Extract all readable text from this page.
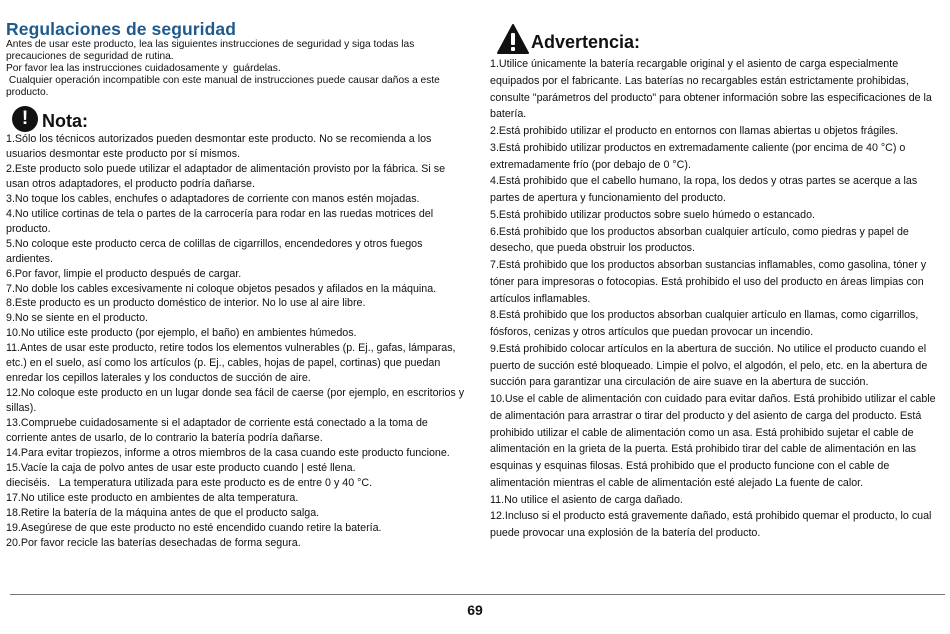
Regulaciones de seguridad
Antes de usar este producto, lea las siguientes instrucciones de seguridad y siga todas las
precauciones de seguridad de rutina.
Por favor lea las instrucciones cuidadosamente y  guárdelas.
Cualquier operación incompatible con este manual de instrucciones puede causar daños a este
producto.
! Nota:
1.Sólo los técnicos autorizados pueden desmontar este producto. No se recomienda a los usuarios desmontar este producto por sí mismos.
2.Este producto solo puede utilizar el adaptador de alimentación provisto por la fábrica. Si se usan otros adaptadores, el producto podría dañarse.
3.No toque los cables, enchufes o adaptadores de corriente con manos estén mojadas.
4.No utilice cortinas de tela o partes de la carrocería para rodar en las ruedas motrices del producto.
5.No coloque este producto cerca de colillas de cigarrillos, encendedores y otros fuegos ardientes.
6.Por favor, limpie el producto después de cargar.
7.No doble los cables excesivamente ni coloque objetos pesados y afilados en la máquina.
8.Este producto es un producto doméstico de interior. No lo use al aire libre.
9.No se siente en el producto.
10.No utilice este producto (por ejemplo, el baño) en ambientes húmedos.
11.Antes de usar este producto, retire todos los elementos vulnerables (p. Ej., gafas, lámparas, etc.) en el suelo, así como los artículos (p. Ej., cables, hojas de papel, cortinas) que puedan enredar los cepillos laterales y los conductos de succión de aire.
12.No coloque este producto en un lugar donde sea fácil de caerse (por ejemplo, en escritorios y sillas).
13.Compruebe cuidadosamente si el adaptador de corriente está conectado a la toma de corriente antes de usarlo, de lo contrario la batería podría dañarse.
14.Para evitar tropiezos, informe a otros miembros de la casa cuando este producto funcione.
15.Vacíe la caja de polvo antes de usar este producto cuando | esté llena.
dieciséis.   La temperatura utilizada para este producto es de entre 0 y 40 °C.
17.No utilice este producto en ambientes de alta temperatura.
18.Retire la batería de la máquina antes de que el producto salga.
19.Asegúrese de que este producto no esté encendido cuando retire la batería.
20.Por favor recicle las baterías desechadas de forma segura.
Advertencia:
1.Utilice únicamente la batería recargable original y el asiento de carga especialmente equipados por el fabricante. Las baterías no recargables están estrictamente prohibidas, consulte "parámetros del producto" para obtener información sobre las especificaciones de la batería.
2.Está prohibido utilizar el producto en entornos con llamas abiertas u objetos frágiles.
3.Está prohibido utilizar productos en extremadamente caliente (por encima de 40 °C) o extremadamente frío (por debajo de 0 °C).
4.Está prohibido que el cabello humano, la ropa, los dedos y otras partes se acerque a las partes de apertura y funcionamiento del producto.
5.Está prohibido utilizar productos sobre suelo húmedo o estancado.
6.Está prohibido que los productos absorban cualquier artículo, como piedras y papel de desecho, que pueda obstruir los productos.
7.Está prohibido que los productos absorban sustancias inflamables, como gasolina, tóner y tóner para impresoras o fotocopias. Está prohibido el uso del producto en áreas limpias con artículos inflamables.
8.Está prohibido que los productos absorban cualquier artículo en llamas, como cigarrillos, fósforos, cenizas y otros artículos que puedan provocar un incendio.
9.Está prohibido colocar artículos en la abertura de succión. No utilice el producto cuando el puerto de succión esté bloqueado. Limpie el polvo, el algodón, el pelo, etc. en la abertura de succión para garantizar una circulación de aire suave en la abertura de succión.
10.Use el cable de alimentación con cuidado para evitar daños. Está prohibido utilizar el cable de alimentación para arrastrar o tirar del producto y del asiento de carga del producto. Está prohibido utilizar el cable de alimentación como un asa. Está prohibido sujetar el cable de alimentación en la grieta de la puerta. Está prohibido tirar del cable de alimentación en las esquinas y esquinas filosas. Está prohibido que el producto funcione con el cable de alimentación mientras el cable de alimentación esté alejado La fuente de calor.
11.No utilice el asiento de carga dañado.
12.Incluso si el producto está gravemente dañado, está prohibido quemar el producto, lo cual puede provocar una explosión de la batería del producto.
69
